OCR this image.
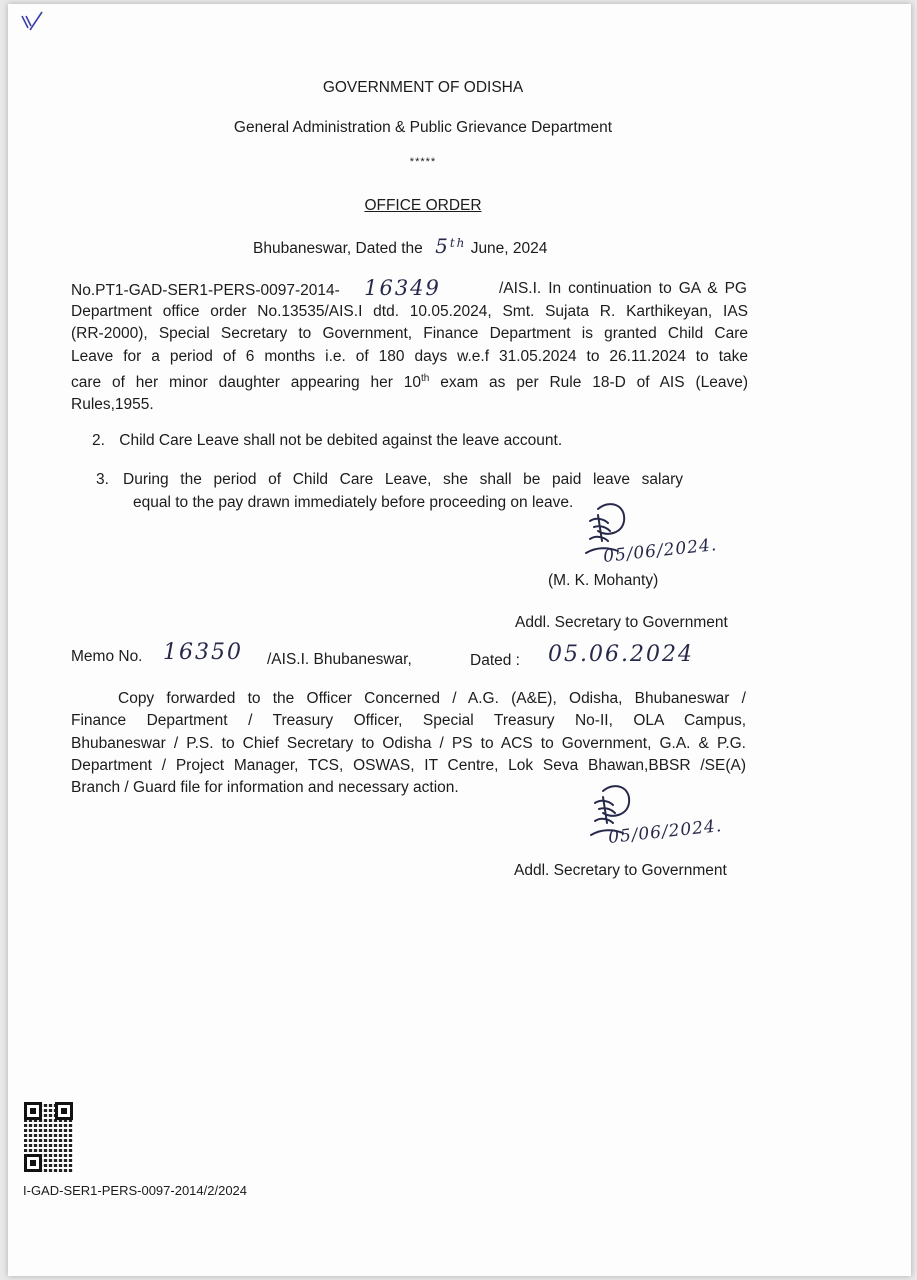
GOVERNMENT OF ODISHA
General Administration & Public Grievance Department
*****
OFFICE ORDER
Bhubaneswar, Dated the 5th June, 2024
No.PT1-GAD-SER1-PERS-0097-2014- 16349	/AIS.I. In continuation to GA & PG
Department office order No.13535/AIS.I dtd. 10.05.2024, Smt. Sujata R. Karthikeyan, IAS
(RR-2000), Special Secretary to Government, Finance Department is granted Child Care
Leave for a period of 6 months i.e. of 180 days w.e.f 31.05.2024 to 26.11.2024 to take
care of her minor daughter appearing her 10th exam as per Rule 18-D of AIS (Leave)
Rules,1955.
2. Child Care Leave shall not be debited against the leave account.
3. During the period of Child Care Leave, she shall be paid leave salary
equal to the pay drawn immediately before proceeding on leave.
05/06/2024.
(M. K. Mohanty)
Addl. Secretary to Government
Memo No. 16350 /AIS.I. Bhubaneswar,	Dated : 05.06.2024
Copy forwarded to the Officer Concerned / A.G. (A&E), Odisha, Bhubaneswar /
Finance Department / Treasury Officer, Special Treasury No-II, OLA Campus,
Bhubaneswar / P.S. to Chief Secretary to Odisha / PS to ACS to Government, G.A. & P.G.
Department / Project Manager, TCS, OSWAS, IT Centre, Lok Seva Bhawan,BBSR /SE(A)
Branch / Guard file for information and necessary action.
05/06/2024.
Addl. Secretary to Government
I-GAD-SER1-PERS-0097-2014/2/2024
